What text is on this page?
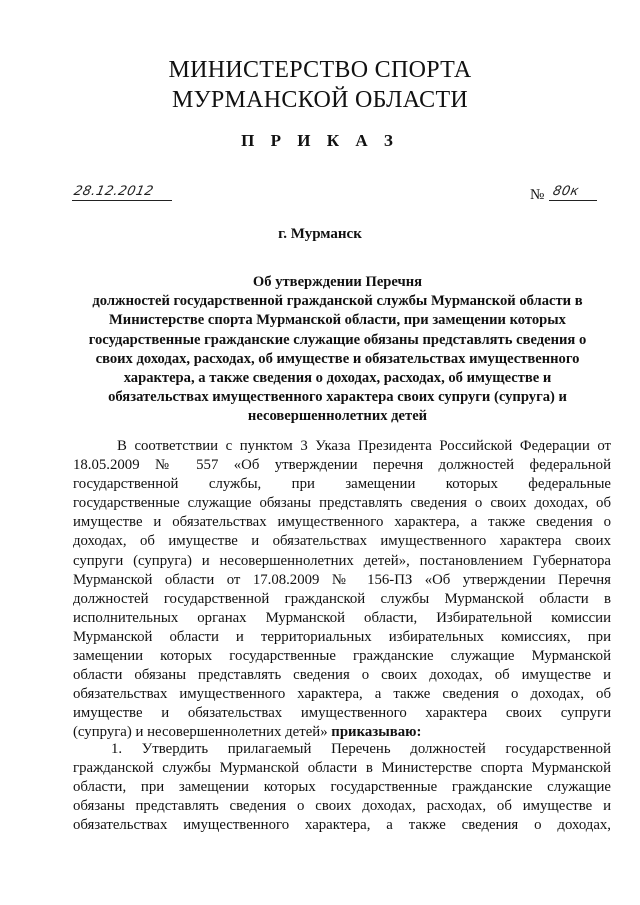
МИНИСТЕРСТВО СПОРТА
МУРМАНСКОЙ ОБЛАСТИ
П Р И К А З
28.12.2012	№ 80к
г. Мурманск
Об утверждении Перечня
должностей государственной гражданской службы Мурманской области в
Министерстве спорта Мурманской области, при замещении которых
государственные гражданские служащие обязаны представлять сведения о
своих доходах, расходах, об имуществе и обязательствах имущественного
характера, а также сведения о доходах, расходах, об имуществе и
обязательствах имущественного характера своих супруги (супруга) и
несовершеннолетних детей
В соответствии с пунктом 3 Указа Президента Российской Федерации от
18.05.2009 № 557 «Об утверждении перечня должностей федеральной
государственной службы, при замещении которых федеральные
государственные служащие обязаны представлять сведения о своих доходах, об
имуществе и обязательствах имущественного характера, а также сведения о
доходах, об имуществе и обязательствах имущественного характера своих
супруги (супруга) и несовершеннолетних детей», постановлением Губернатора
Мурманской области от 17.08.2009 № 156-ПЗ «Об утверждении Перечня
должностей государственной гражданской службы Мурманской области в
исполнительных органах Мурманской области, Избирательной комиссии
Мурманской области и территориальных избирательных комиссиях, при
замещении которых государственные гражданские служащие Мурманской
области обязаны представлять сведения о своих доходах, об имуществе и
обязательствах имущественного характера, а также сведения о доходах, об
имуществе и обязательствах имущественного характера своих супруги
(супруга) и несовершеннолетних детей» приказываю:
1. Утвердить прилагаемый Перечень должностей государственной
гражданской службы Мурманской области в Министерстве спорта Мурманской
области, при замещении которых государственные гражданские служащие
обязаны представлять сведения о своих доходах, расходах, об имуществе и
обязательствах имущественного характера, а также сведения о доходах,
